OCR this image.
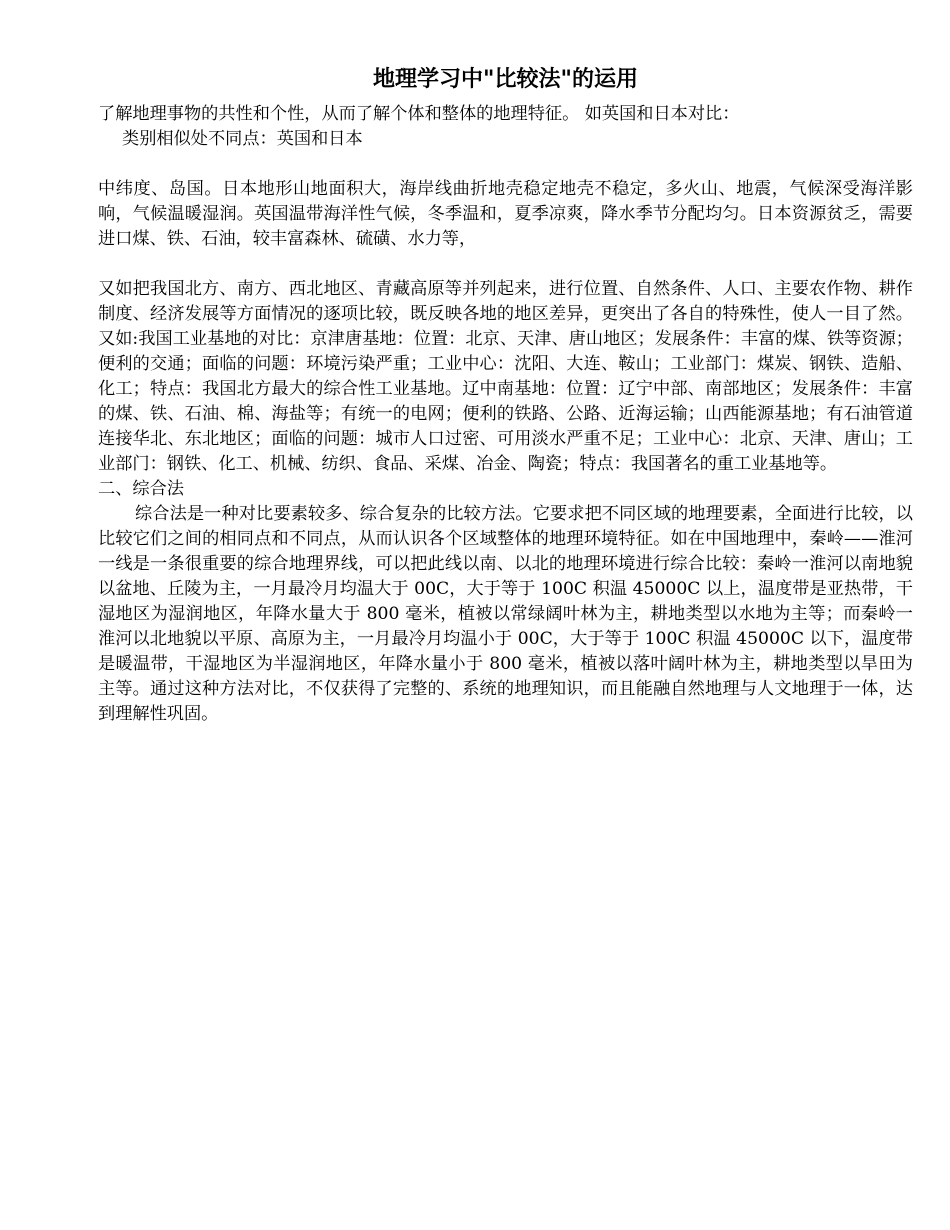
地理学习中"比较法"的运用

了解地理事物的共性和个性，从而了解个体和整体的地理特征。 如英国和日本对比：

类别相似处不同点：英国和日本

中纬度、岛国。日本地形山地面积大，海岸线曲折地壳稳定地壳不稳定，多火山、地震，气候深受海洋影响，气候温暖湿润。英国温带海洋性气候，冬季温和，夏季凉爽，降水季节分配均匀。日本资源贫乏，需要进口煤、铁、石油，较丰富森林、硫磺、水力等，

又如把我国北方、南方、西北地区、青藏高原等并列起来，进行位置、自然条件、人口、主要农作物、耕作制度、经济发展等方面情况的逐项比较，既反映各地的地区差异，更突出了各自的特殊性，使人一目了然。又如:我国工业基地的对比：京津唐基地：位置：北京、天津、唐山地区；发展条件：丰富的煤、铁等资源；便利的交通；面临的问题：环境污染严重；工业中心：沈阳、大连、鞍山；工业部门：煤炭、钢铁、造船、化工；特点：我国北方最大的综合性工业基地。辽中南基地：位置：辽宁中部、南部地区；发展条件：丰富的煤、铁、石油、棉、海盐等；有统一的电网；便利的铁路、公路、近海运输；山西能源基地；有石油管道连接华北、东北地区；面临的问题：城市人口过密、可用淡水严重不足；工业中心：北京、天津、唐山；工业部门：钢铁、化工、机械、纺织、食品、采煤、冶金、陶瓷；特点：我国著名的重工业基地等。

二、综合法

综合法是一种对比要素较多、综合复杂的比较方法。它要求把不同区域的地理要素，全面进行比较，以比较它们之间的相同点和不同点，从而认识各个区域整体的地理环境特征。如在中国地理中，秦岭——淮河一线是一条很重要的综合地理界线，可以把此线以南、以北的地理环境进行综合比较：秦岭一淮河以南地貌以盆地、丘陵为主，一月最冷月均温大于 00C，大于等于 100C 积温 45000C 以上，温度带是亚热带，干湿地区为湿润地区，年降水量大于 800 毫米，植被以常绿阔叶林为主，耕地类型以水地为主等；而秦岭一淮河以北地貌以平原、高原为主，一月最冷月均温小于 00C，大于等于 100C 积温 45000C 以下，温度带是暖温带，干湿地区为半湿润地区，年降水量小于 800 毫米，植被以落叶阔叶林为主，耕地类型以旱田为主等。通过这种方法对比，不仅获得了完整的、系统的地理知识，而且能融自然地理与人文地理于一体，达到理解性巩固。
